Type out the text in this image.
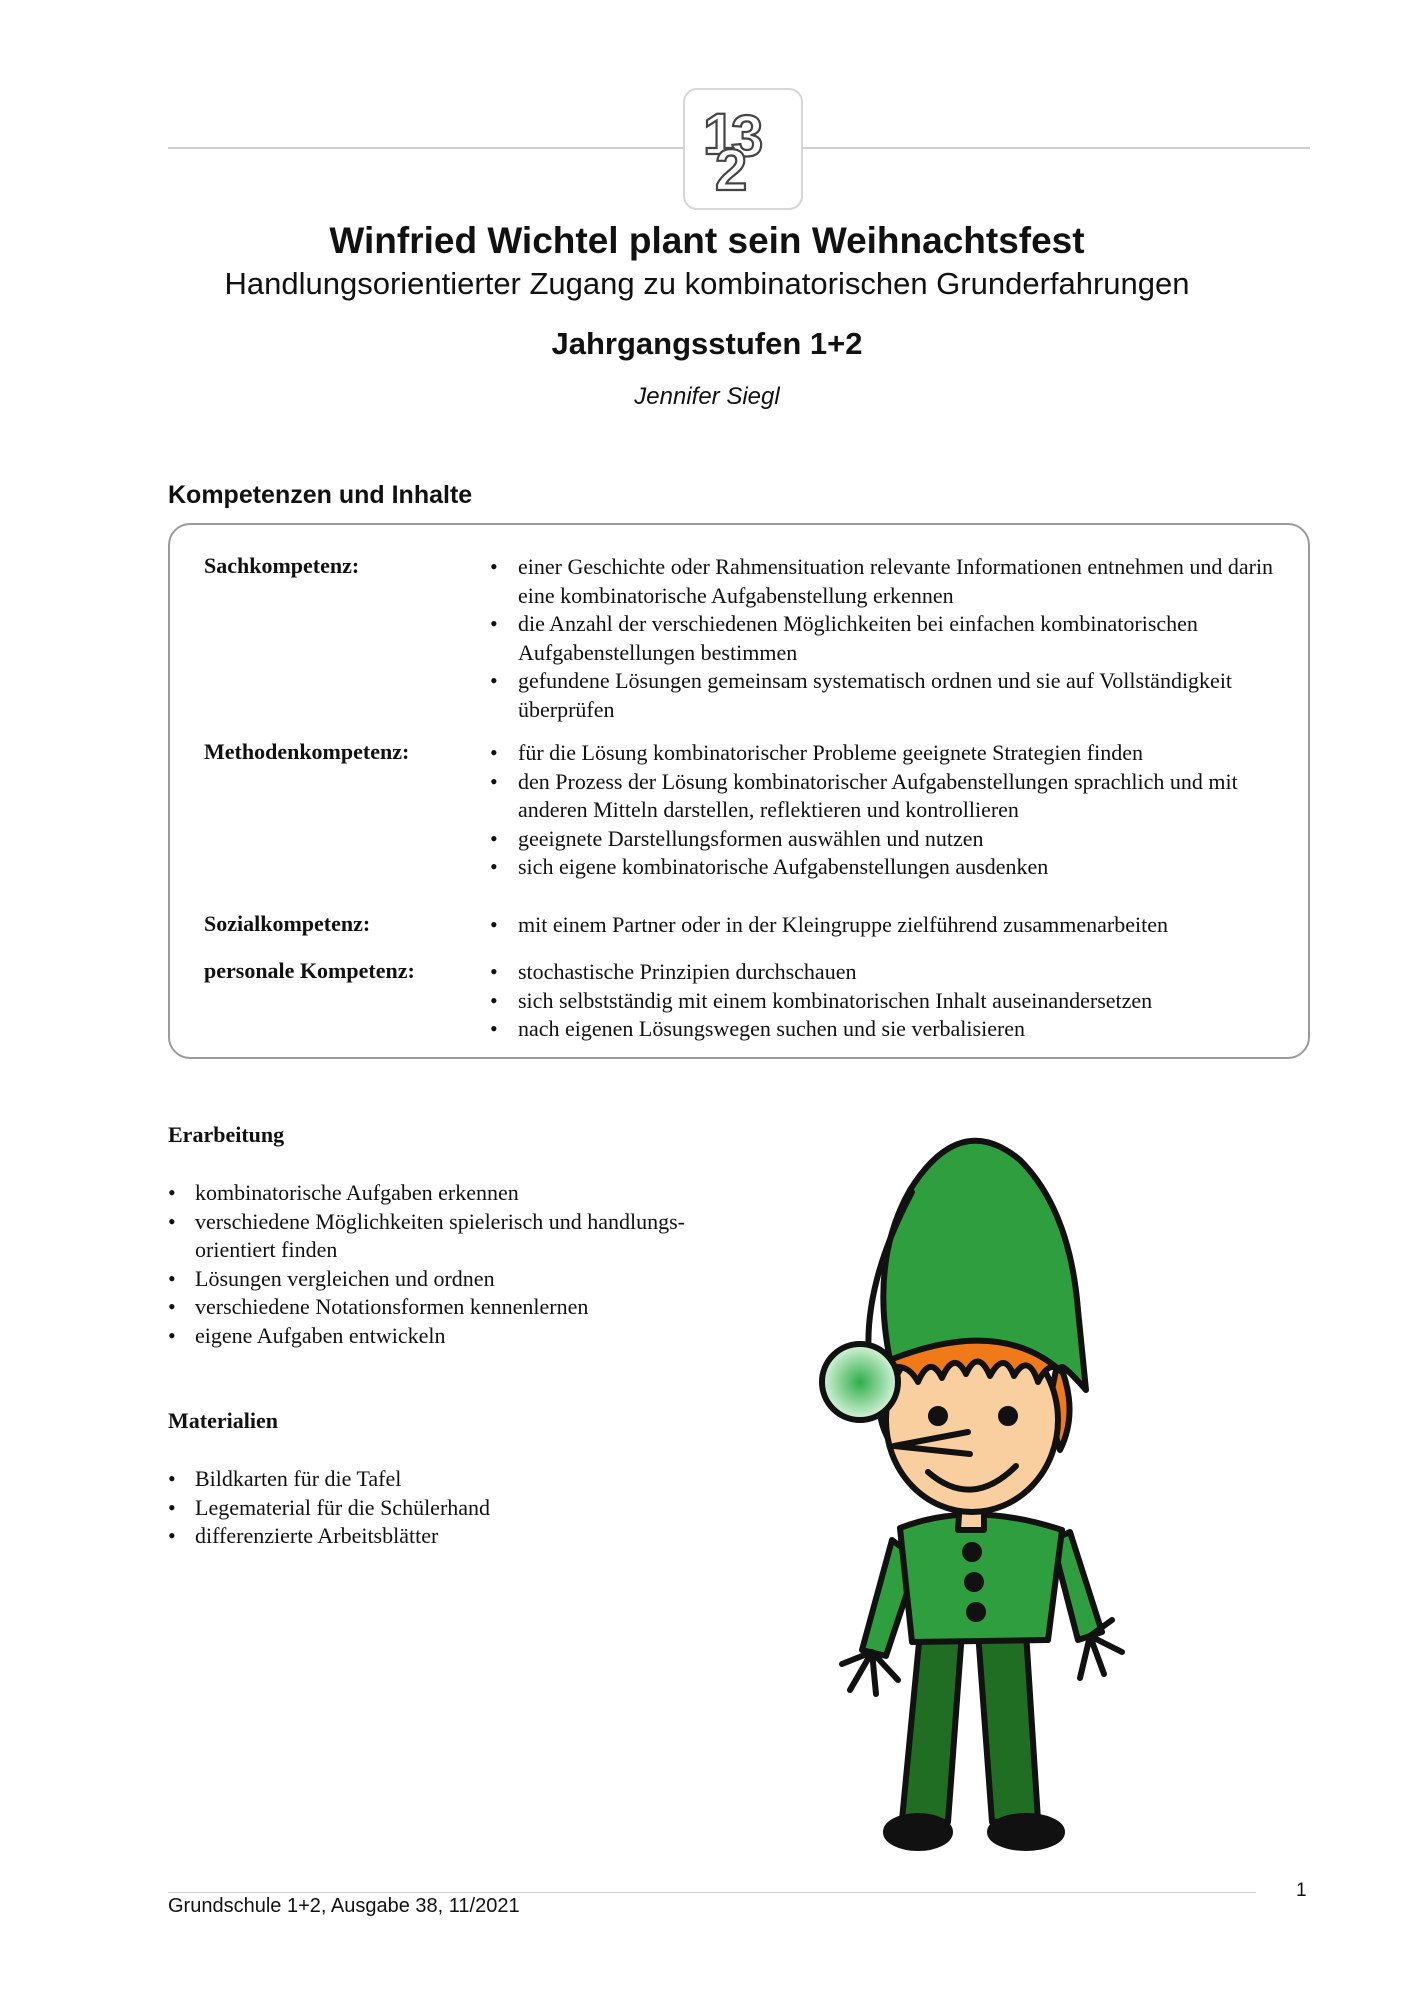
3
1
2
Winfried Wichtel plant sein Weihnachtsfest
Handlungsorientierter Zugang zu kombinatorischen Grunderfahrungen
Jahrgangsstufen 1+2
Jennifer Siegl
Kompetenzen und Inhalte
Sachkompetenz:	• einer Geschichte oder Rahmensituation relevante Informationen entnehmen und darin eine kombinatorische Aufgabenstellung erkennen
• die Anzahl der verschiedenen Möglichkeiten bei einfachen kombinatorischen Aufgabenstellungen bestimmen
• gefundene Lösungen gemeinsam systematisch ordnen und sie auf Vollständigkeit überprüfen
Methodenkompetenz:	• für die Lösung kombinatorischer Probleme geeignete Strategien finden
• den Prozess der Lösung kombinatorischer Aufgabenstellungen sprachlich und mit anderen Mitteln darstellen, reflektieren und kontrollieren
• geeignete Darstellungsformen auswählen und nutzen
• sich eigene kombinatorische Aufgabenstellungen ausdenken
Sozialkompetenz:	• mit einem Partner oder in der Kleingruppe zielführend zusammenarbeiten
personale Kompetenz:	• stochastische Prinzipien durchschauen
• sich selbstständig mit einem kombinatorischen Inhalt auseinandersetzen
• nach eigenen Lösungswegen suchen und sie verbalisieren
Erarbeitung
• kombinatorische Aufgaben erkennen
• verschiedene Möglichkeiten spielerisch und handlungs-orientiert finden
• Lösungen vergleichen und ordnen
• verschiedene Notationsformen kennenlernen
• eigene Aufgaben entwickeln
Materialien
• Bildkarten für die Tafel
• Legematerial für die Schülerhand
• differenzierte Arbeitsblätter
Grundschule 1+2, Ausgabe 38, 11/2021
1
